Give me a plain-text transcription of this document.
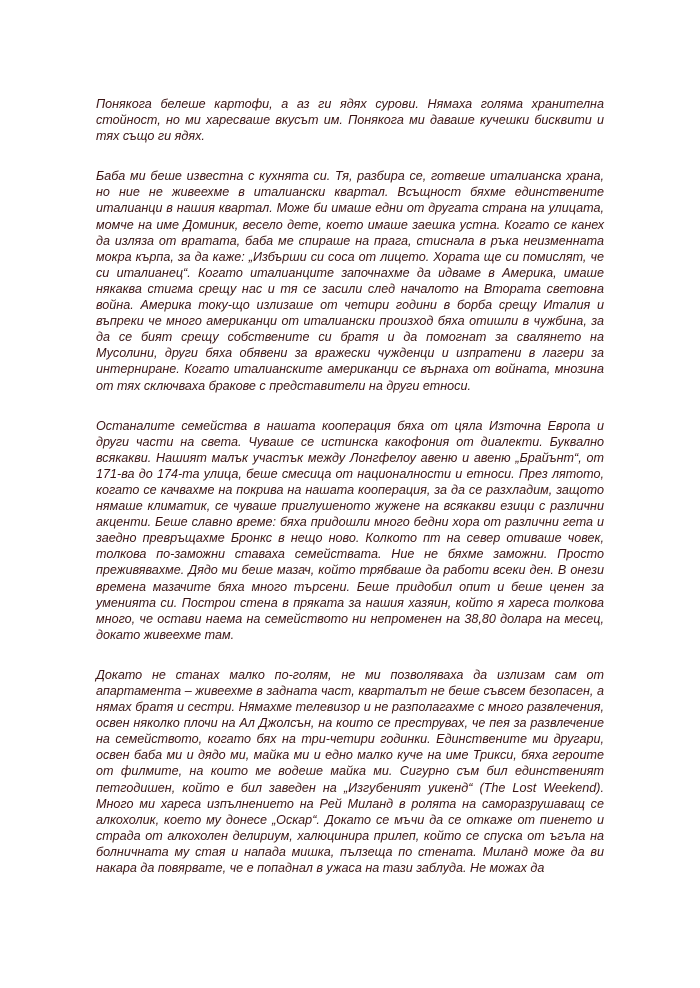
Понякога белеше картофи, а аз ги ядях сурови. Нямаха голяма хранителна стойност, но ми харесваше вкусът им. Понякога ми даваше кучешки бисквити и тях също ги ядях.

Баба ми беше известна с кухнята си. Тя, разбира се, готвеше италианска храна, но ние не живеехме в италиански квартал. Всъщност бяхме единствените италианци в нашия квартал. Може би имаше едни от другата страна на улицата, момче на име Доминик, весело дете, което имаше заешка устна. Когато се канех да изляза от вратата, баба ме спираше на прага, стиснала в ръка неизменната мокра кърпа, за да каже: „Избърши си соса от лицето. Хората ще си помислят, че си италианец“. Когато италианците започнахме да идваме в Америка, имаше някаква стигма срещу нас и тя се засили след началото на Втората световна война. Америка току-що излизаше от четири години в борба срещу Италия и въпреки че много американци от италиански произход бяха отишли в чужбина, за да се бият срещу собствените си братя и да помогнат за свалянето на Мусолини, други бяха обявени за вражески чужденци и изпратени в лагери за интерниране. Когато италианските американци се върнаха от войната, мнозина от тях сключваха бракове с представители на други етноси.

Останалите семейства в нашата кооперация бяха от цяла Източна Европа и други части на света. Чуваше се истинска какофония от диалекти. Буквално всякакви. Нашият малък участък между Лонгфелоу авеню и авеню „Брайънт“, от 171-ва до 174-та улица, беше смесица от националности и етноси. През лятото, когато се качвахме на покрива на нашата кооперация, за да се разхладим, защото нямаше климатик, се чуваше приглушеното жужене на всякакви езици с различни акценти. Беше славно време: бяха придошли много бедни хора от различни гета и заедно превръщахме Бронкс в нещо ново. Колкото пт на север отиваше човек, толкова по-заможни ставаха семействата. Ние не бяхме заможни. Просто преживявахме. Дядо ми беше мазач, който трябваше да работи всеки ден. В онези времена мазачите бяха много търсени. Беше придобил опит и беше ценен за уменията си. Построи стена в пряката за нашия хазяин, който я хареса толкова много, че остави наема на семейството ни непроменен на 38,80 долара на месец, докато живеехме там.

Докато не станах малко по-голям, не ми позволяваха да излизам сам от апартамента – живеехме в задната част, кварталът не беше съвсем безопасен, а нямах братя и сестри. Нямахме телевизор и не разполагахме с много развлечения, освен няколко плочи на Ал Джолсън, на които се преструвах, че пея за развлечение на семейството, когато бях на три-четири годинки. Единствените ми другари, освен баба ми и дядо ми, майка ми и едно малко куче на име Трикси, бяха героите от филмите, на които ме водеше майка ми. Сигурно съм бил единственият петгодишен, който е бил заведен на „Изгубеният уикенд“ (The Lost Weekend). Много ми хареса изпълнението на Рей Миланд в ролята на саморазрушаващ се алкохолик, което му донесе „Оскар“. Докато се мъчи да се откаже от пиенето и страда от алкохолен делириум, халюцинира прилеп, който се спуска от ъгъла на болничната му стая и напада мишка, пълзеща по стената. Миланд може да ви накара да повярвате, че е попаднал в ужаса на тази заблуда. Не можах да
